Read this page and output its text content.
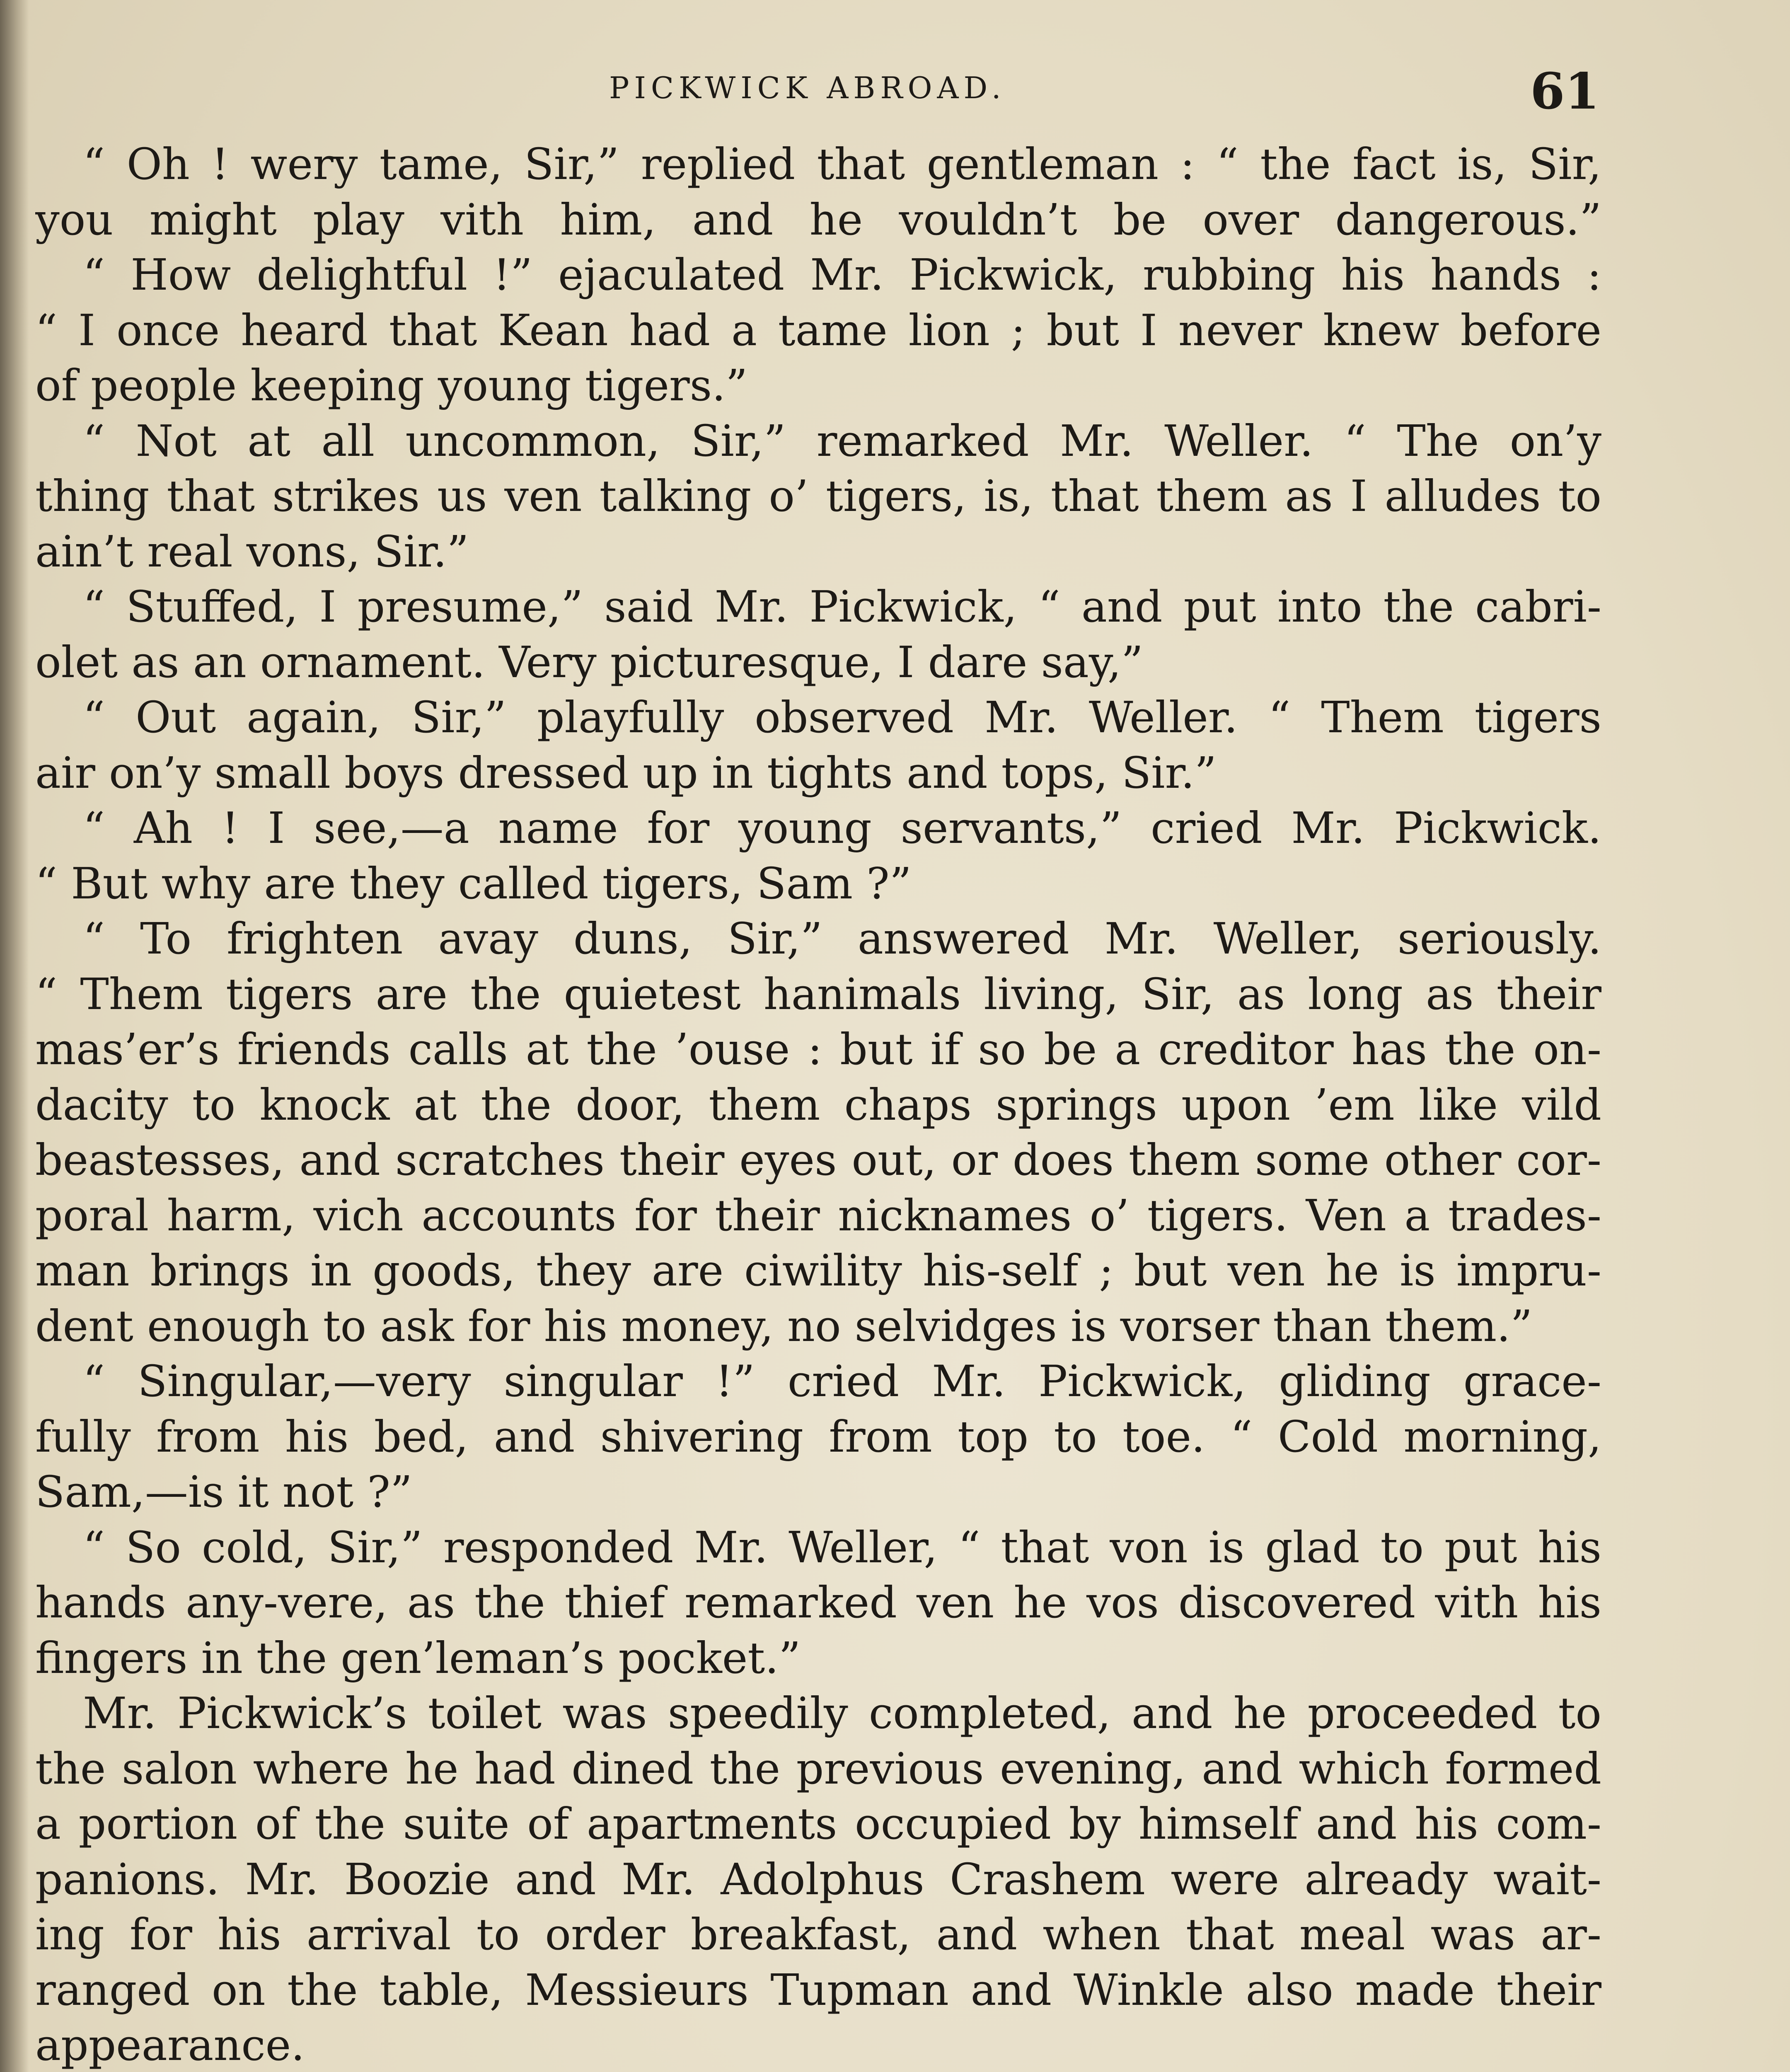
PICKWICK ABROAD.	61
“ Oh ! wery tame, Sir,” replied that gentleman : “ the fact is, Sir,
you might play vith him, and he vouldn’t be over dangerous.”
“ How delightful !” ejaculated Mr. Pickwick, rubbing his hands :
“ I once heard that Kean had a tame lion ; but I never knew before
of people keeping young tigers.”
“ Not at all uncommon, Sir,” remarked Mr. Weller. “ The on’y
thing that strikes us ven talking o’ tigers, is, that them as I alludes to
ain’t real vons, Sir.”
“ Stuffed, I presume,” said Mr. Pickwick, “ and put into the cabri-
olet as an ornament. Very picturesque, I dare say,”
“ Out again, Sir,” playfully observed Mr. Weller. “ Them tigers
air on’y small boys dressed up in tights and tops, Sir.”
“ Ah ! I see,—a name for young servants,” cried Mr. Pickwick.
“ But why are they called tigers, Sam ?”
“ To frighten avay duns, Sir,” answered Mr. Weller, seriously.
“ Them tigers are the quietest hanimals living, Sir, as long as their
mas’er’s friends calls at the ’ouse : but if so be a creditor has the on-
dacity to knock at the door, them chaps springs upon ’em like vild
beastesses, and scratches their eyes out, or does them some other cor-
poral harm, vich accounts for their nicknames o’ tigers. Ven a trades-
man brings in goods, they are ciwility his-self ; but ven he is impru-
dent enough to ask for his money, no selvidges is vorser than them.”
“ Singular,—very singular !” cried Mr. Pickwick, gliding grace-
fully from his bed, and shivering from top to toe. “ Cold morning,
Sam,—is it not ?”
“ So cold, Sir,” responded Mr. Weller, “ that von is glad to put his
hands any-vere, as the thief remarked ven he vos discovered vith his
fingers in the gen’leman’s pocket.”
Mr. Pickwick’s toilet was speedily completed, and he proceeded to
the salon where he had dined the previous evening, and which formed
a portion of the suite of apartments occupied by himself and his com-
panions. Mr. Boozie and Mr. Adolphus Crashem were already wait-
ing for his arrival to order breakfast, and when that meal was ar-
ranged on the table, Messieurs Tupman and Winkle also made their
appearance.
